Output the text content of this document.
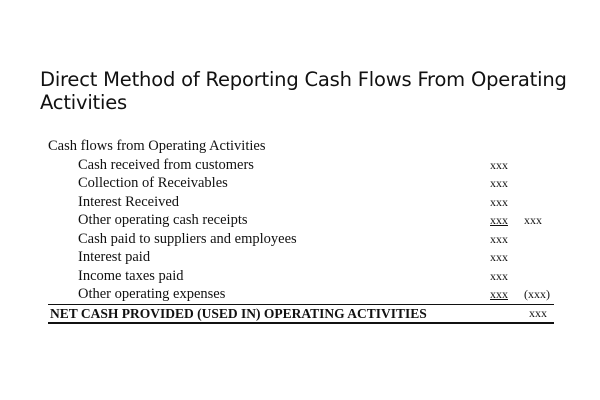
Direct Method of Reporting Cash Flows From Operating Activities
Cash flows from Operating Activities
Cash received from customers	xxx
Collection of Receivables	xxx
Interest Received	xxx
Other operating cash receipts	xxx xxx
Cash paid to suppliers and employees	xxx
Interest paid	xxx
Income taxes paid	xxx
Other operating expenses	xxx (xxx)
NET CASH PROVIDED (USED IN) OPERATING ACTIVITIES	xxx
